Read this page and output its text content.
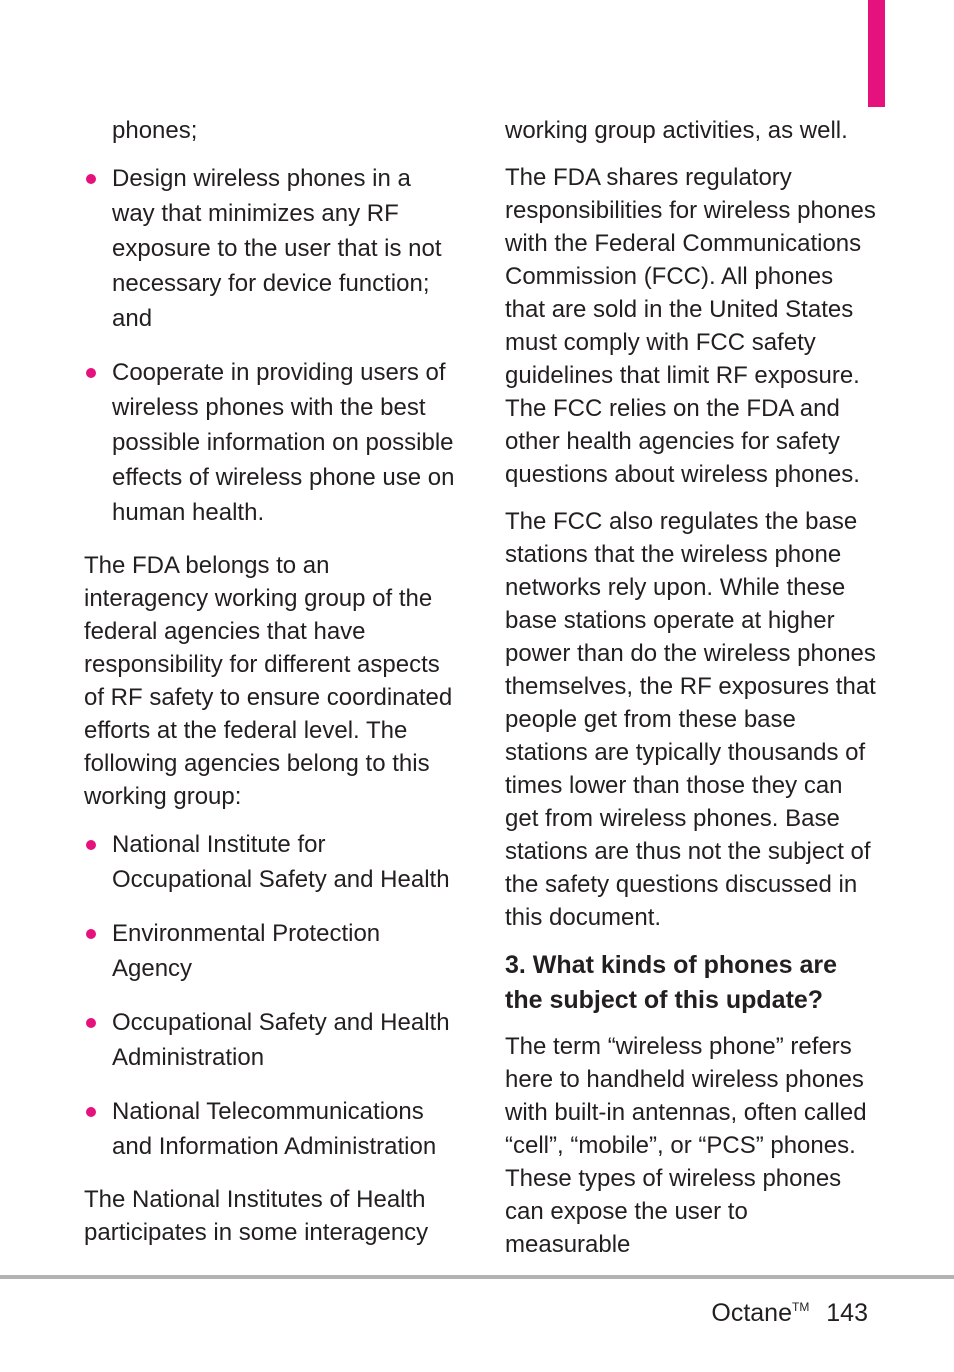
phones;

Design wireless phones in a way that minimizes any RF exposure to the user that is not necessary for device function; and
Cooperate in providing users of wireless phones with the best possible information on possible effects of wireless phone use on human health.

The FDA belongs to an interagency working group of the federal agencies that have responsibility for different aspects of RF safety to ensure coordinated efforts at the federal level. The following agencies belong to this working group:

National Institute for Occupational Safety and Health
Environmental Protection Agency
Occupational Safety and Health Administration
National Telecommunications and Information Administration

The National Institutes of Health participates in some interagency

working group activities, as well.

The FDA shares regulatory responsibilities for wireless phones with the Federal Communications Commission (FCC). All phones that are sold in the United States must comply with FCC safety guidelines that limit RF exposure. The FCC relies on the FDA and other health agencies for safety questions about wireless phones.

The FCC also regulates the base stations that the wireless phone networks rely upon. While these base stations operate at higher power than do the wireless phones themselves, the RF exposures that people get from these base stations are typically thousands of times lower than those they can get from wireless phones. Base stations are thus not the subject of the safety questions discussed in this document.

3. What kinds of phones are the subject of this update?

The term “wireless phone” refers here to handheld wireless phones with built-in antennas, often called “cell”, “mobile”, or “PCS” phones. These types of wireless phones can expose the user to measurable

Octane™ 143
